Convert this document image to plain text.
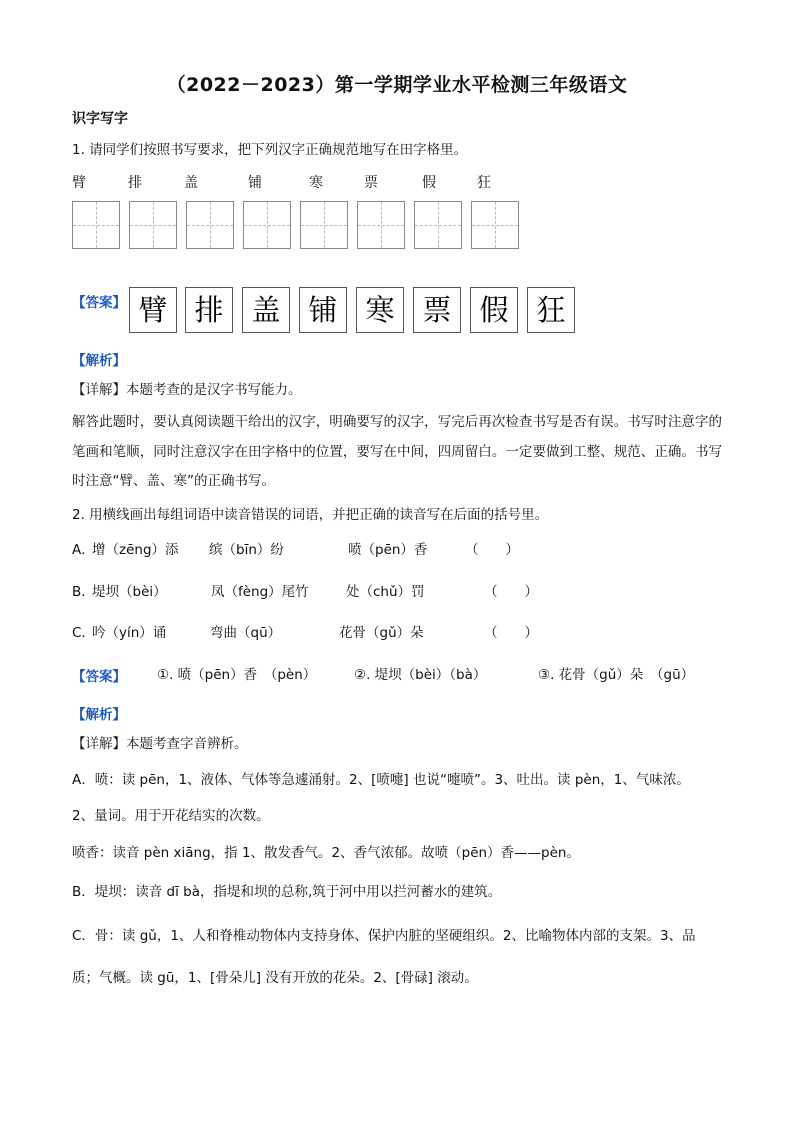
（2022－2023）第一学期学业水平检测三年级语文
识字写字
1. 请同学们按照书写要求，把下列汉字正确规范地写在田字格里。
臂	排	盖	铺	寒	票	假	狂
【答案】 臂 排 盖 铺 寒 票 假 狂
【解析】
【详解】本题考查的是汉字书写能力。
解答此题时，要认真阅读题干给出的汉字，明确要写的汉字，写完后再次检查书写是否有误。书写时注意字的笔画和笔顺，同时注意汉字在田字格中的位置，要写在中间，四周留白。一定要做到工整、规范、正确。书写时注意“臂、盖、寒”的正确书写。
2. 用横线画出每组词语中读音错误的词语，并把正确的读音写在后面的括号里。
A．
增（zēng）添 缤（bīn）纷	喷（pēn）香	（　　）
B．
堤坝（bèi）	凤（fèng）尾竹	处（chǔ）罚	（　　）
C．
吟（yín）诵	弯曲（qū）	花骨（gǔ）朵	（　　）
【答案】 ①. 喷（pēn）香　（pèn）	②. 堤坝（bèi）（bà）	③. 花骨（gǔ）朵　（gū）
【解析】
【详解】本题考查字音辨析。
A．喷：读 pēn，1、液体、气体等急遽涌射。2、[喷嚏] 也说“嚏喷”。3、吐出。读 pèn，1、气味浓。
2、量词。用于开花结实的次数。
喷香：读音 pèn xiāng，指 1、散发香气。2、香气浓郁。故喷（pēn）香——pèn。
B．堤坝：读音 dī bà，指堤和坝的总称,筑于河中用以拦河蓄水的建筑。
C．骨：读 gǔ，1、人和脊椎动物体内支持身体、保护内脏的坚硬组织。2、比喻物体内部的支架。3、品
质；气概。读 gū，1、[骨朵儿] 没有开放的花朵。2、[骨碌] 滚动。
